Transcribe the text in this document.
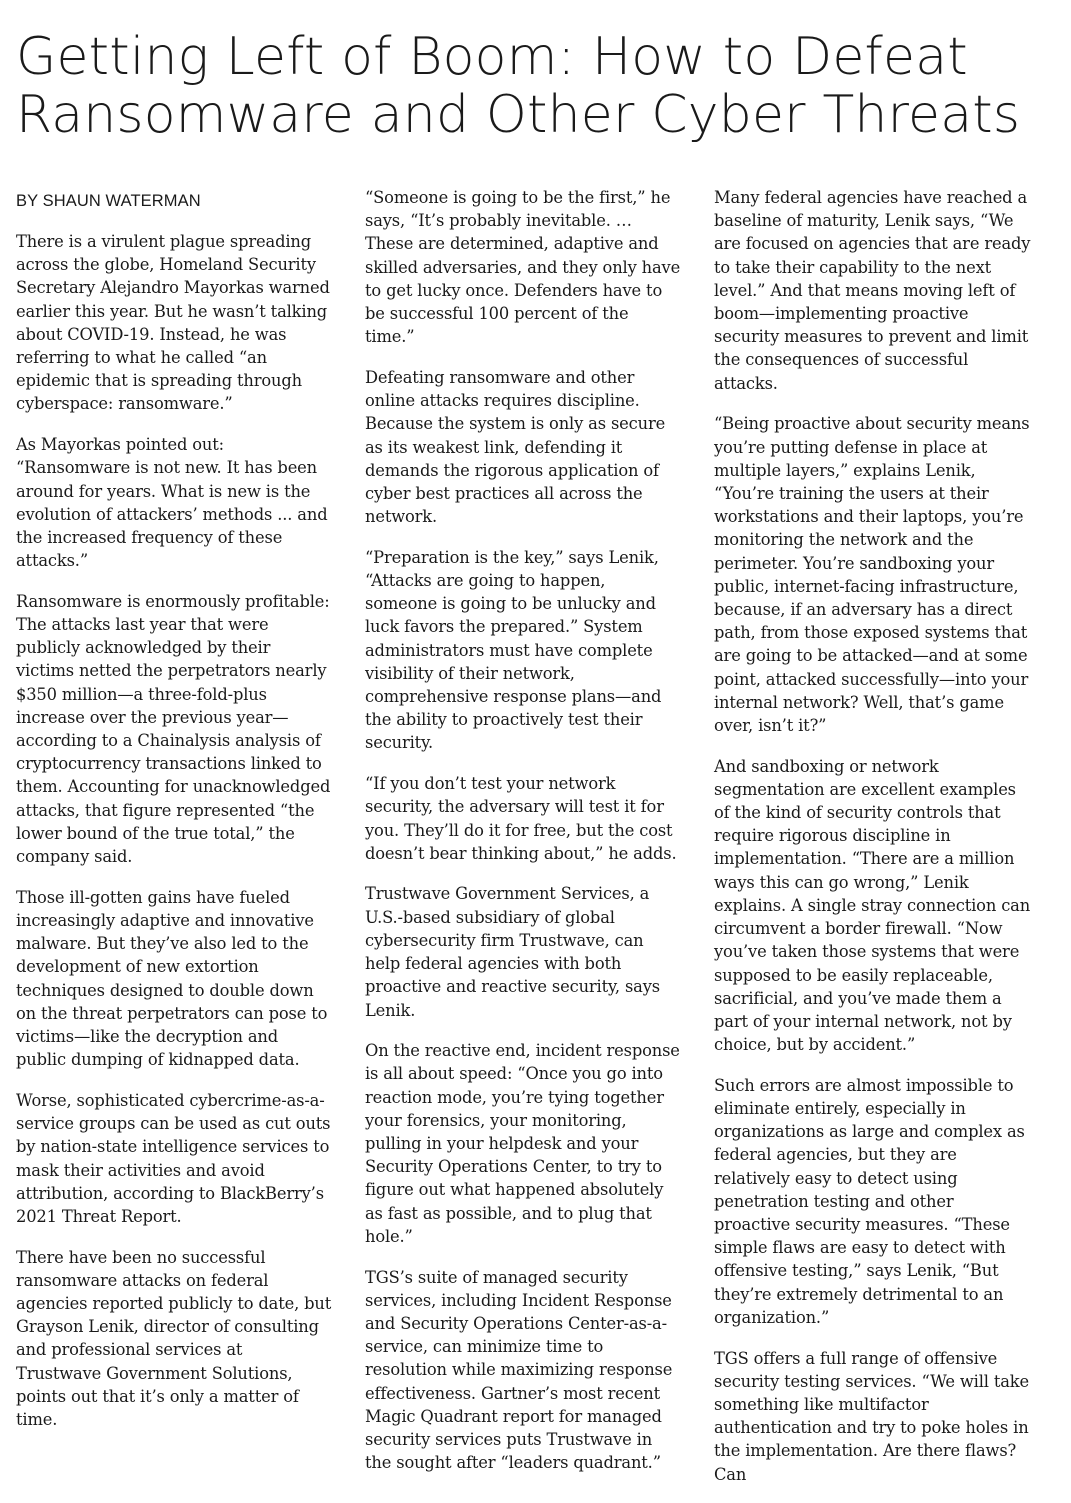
Getting Left of Boom: How to Defeat Ransomware and Other Cyber Threats
BY SHAUN WATERMAN

There is a virulent plague spreading across the globe, Homeland Security Secretary Alejandro Mayorkas warned earlier this year. But he wasn’t talking about COVID-19. Instead, he was referring to what he called “an epidemic that is spreading through cyberspace: ransomware.”

As Mayorkas pointed out: “Ransomware is not new. It has been around for years. What is new is the evolution of attackers’ methods ... and the increased frequency of these attacks.”

Ransomware is enormously profitable: The attacks last year that were publicly acknowledged by their victims netted the perpetrators nearly $350 million—a three-fold-plus increase over the previous year—according to a Chainalysis analysis of cryptocurrency transactions linked to them. Accounting for unacknowledged attacks, that figure represented “the lower bound of the true total,” the company said.

Those ill-gotten gains have fueled increasingly adaptive and innovative malware. But they’ve also led to the development of new extortion techniques designed to double down on the threat perpetrators can pose to victims—like the decryption and public dumping of kidnapped data.

Worse, sophisticated cybercrime-as-a-service groups can be used as cut outs by nation-state intelligence services to mask their activities and avoid attribution, according to BlackBerry’s 2021 Threat Report.

There have been no successful ransomware attacks on federal agencies reported publicly to date, but Grayson Lenik, director of consulting and professional services at Trustwave Government Solutions, points out that it’s only a matter of time.

“Someone is going to be the first,” he says, “It’s probably inevitable. … These are determined, adaptive and skilled adversaries, and they only have to get lucky once. Defenders have to be successful 100 percent of the time.”

Defeating ransomware and other online attacks requires discipline. Because the system is only as secure as its weakest link, defending it demands the rigorous application of cyber best practices all across the network.

“Preparation is the key,” says Lenik, “Attacks are going to happen, someone is going to be unlucky and luck favors the prepared.” System administrators must have complete visibility of their network, comprehensive response plans—and the ability to proactively test their security.

“If you don’t test your network security, the adversary will test it for you. They’ll do it for free, but the cost doesn’t bear thinking about,” he adds.

Trustwave Government Services, a U.S.-based subsidiary of global cybersecurity firm Trustwave, can help federal agencies with both proactive and reactive security, says Lenik.

On the reactive end, incident response is all about speed: “Once you go into reaction mode, you’re tying together your forensics, your monitoring, pulling in your helpdesk and your Security Operations Center, to try to figure out what happened absolutely as fast as possible, and to plug that hole.”

TGS’s suite of managed security services, including Incident Response and Security Operations Center-as-a-service, can minimize time to resolution while maximizing response effectiveness. Gartner’s most recent Magic Quadrant report for managed security services puts Trustwave in the sought after “leaders quadrant.”

Many federal agencies have reached a baseline of maturity, Lenik says, “We are focused on agencies that are ready to take their capability to the next level.” And that means moving left of boom—implementing proactive security measures to prevent and limit the consequences of successful attacks.

“Being proactive about security means you’re putting defense in place at multiple layers,” explains Lenik, “You’re training the users at their workstations and their laptops, you’re monitoring the network and the perimeter. You’re sandboxing your public, internet-facing infrastructure, because, if an adversary has a direct path, from those exposed systems that are going to be attacked—and at some point, attacked successfully—into your internal network? Well, that’s game over, isn’t it?”

And sandboxing or network segmentation are excellent examples of the kind of security controls that require rigorous discipline in implementation. “There are a million ways this can go wrong,” Lenik explains. A single stray connection can circumvent a border firewall. “Now you’ve taken those systems that were supposed to be easily replaceable, sacrificial, and you’ve made them a part of your internal network, not by choice, but by accident.”

Such errors are almost impossible to eliminate entirely, especially in organizations as large and complex as federal agencies, but they are relatively easy to detect using penetration testing and other proactive security measures. “These simple flaws are easy to detect with offensive testing,” says Lenik, “But they’re extremely detrimental to an organization.”

TGS offers a full range of offensive security testing services. “We will take something like multifactor authentication and try to poke holes in the implementation. Are there flaws? Can
